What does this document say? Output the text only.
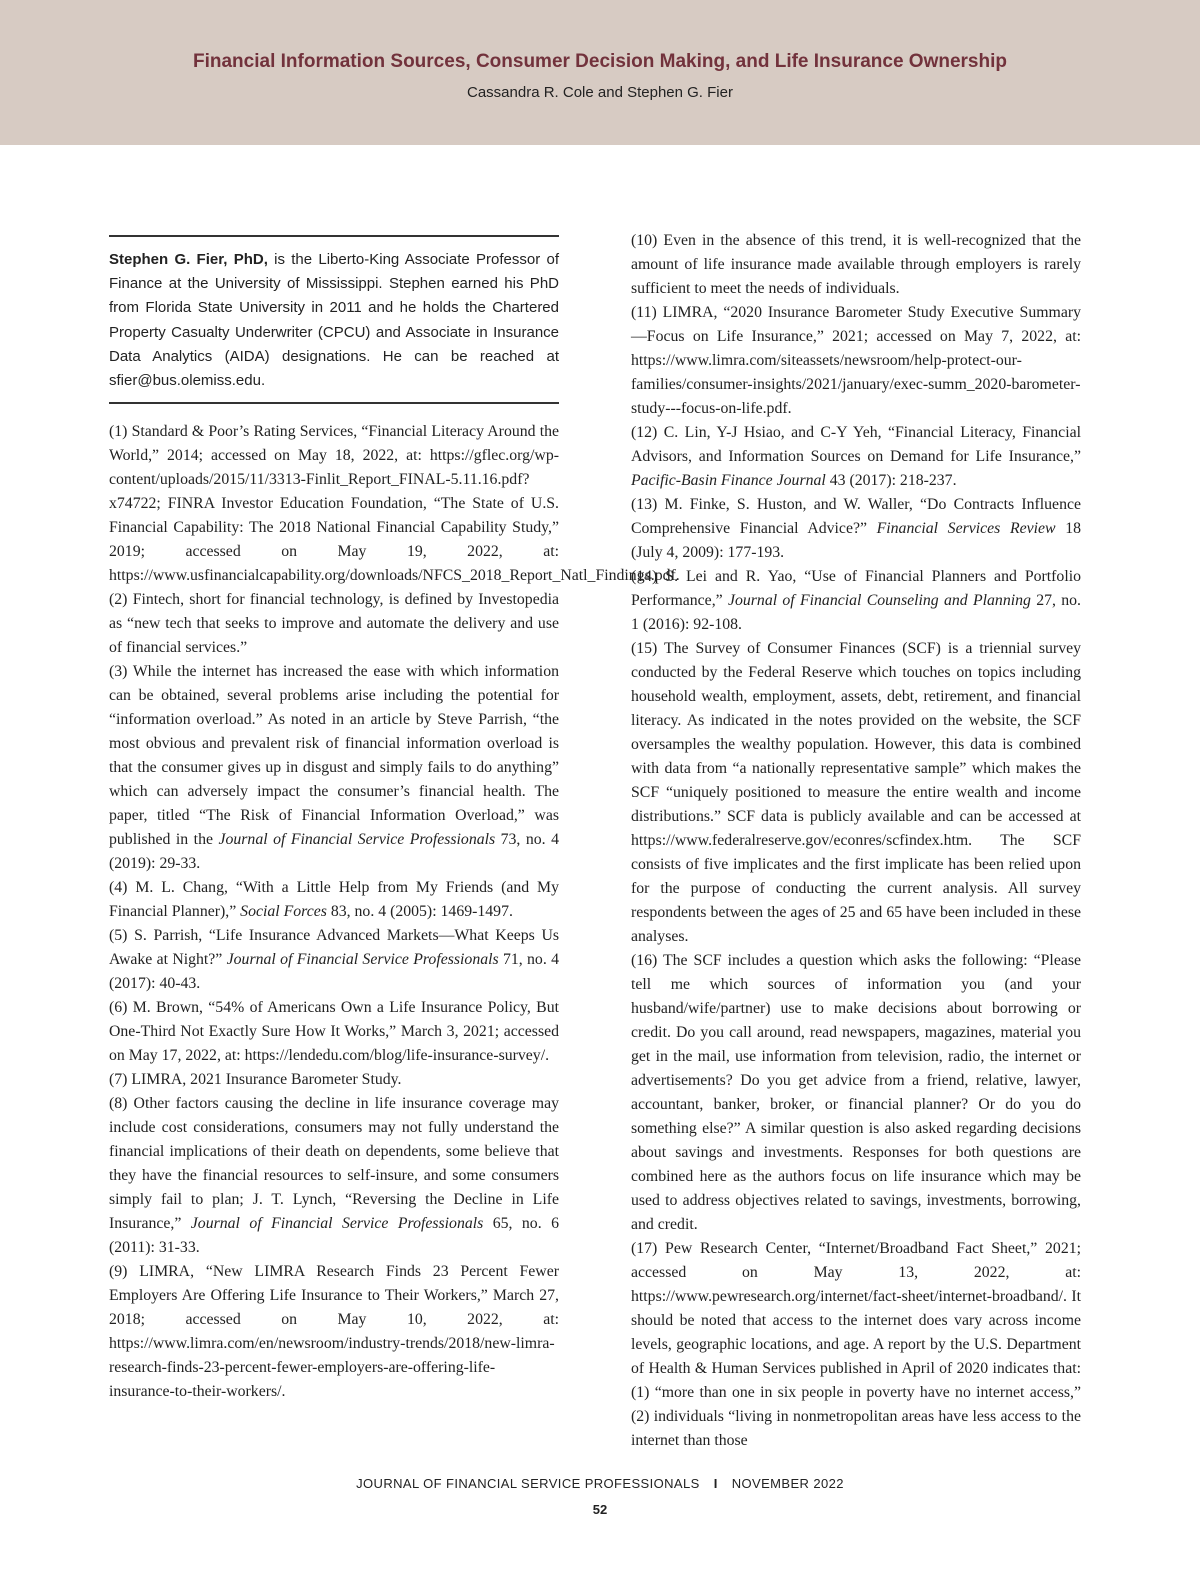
Financial Information Sources, Consumer Decision Making, and Life Insurance Ownership
Cassandra R. Cole and Stephen G. Fier
Stephen G. Fier, PhD, is the Liberto-King Associate Professor of Finance at the University of Mississippi. Stephen earned his PhD from Florida State University in 2011 and he holds the Chartered Property Casualty Underwriter (CPCU) and Associate in Insurance Data Analytics (AIDA) designations. He can be reached at sfier@bus.olemiss.edu.

(1) Standard & Poor’s Rating Services, “Financial Literacy Around the World,” 2014; accessed on May 18, 2022, at: https://gflec.org/wp-content/uploads/2015/11/3313-Finlit_Report_FINAL-5.11.16.pdf?x74722; FINRA Investor Education Foundation, “The State of U.S. Financial Capability: The 2018 National Financial Capability Study,” 2019; accessed on May 19, 2022, at: https://www.usfinancialcapability.org/downloads/NFCS_2018_Report_Natl_Findings.pdf.

(2) Fintech, short for financial technology, is defined by Investopedia as “new tech that seeks to improve and automate the delivery and use of financial services.”

(3) While the internet has increased the ease with which information can be obtained, several problems arise including the potential for “information overload.” As noted in an article by Steve Parrish, “the most obvious and prevalent risk of financial information overload is that the consumer gives up in disgust and simply fails to do anything” which can adversely impact the consumer’s financial health. The paper, titled “The Risk of Financial Information Overload,” was published in the Journal of Financial Service Professionals 73, no. 4 (2019): 29-33.

(4) M. L. Chang, “With a Little Help from My Friends (and My Financial Planner),” Social Forces 83, no. 4 (2005): 1469-1497.

(5) S. Parrish, “Life Insurance Advanced Markets—What Keeps Us Awake at Night?” Journal of Financial Service Professionals 71, no. 4 (2017): 40-43.

(6) M. Brown, “54% of Americans Own a Life Insurance Policy, But One-Third Not Exactly Sure How It Works,” March 3, 2021; accessed on May 17, 2022, at: https://lendedu.com/blog/life-insurance-survey/.

(7) LIMRA, 2021 Insurance Barometer Study.

(8) Other factors causing the decline in life insurance coverage may include cost considerations, consumers may not fully understand the financial implications of their death on dependents, some believe that they have the financial resources to self-insure, and some consumers simply fail to plan; J. T. Lynch, “Reversing the Decline in Life Insurance,” Journal of Financial Service Professionals 65, no. 6 (2011): 31-33.

(9) LIMRA, “New LIMRA Research Finds 23 Percent Fewer Employers Are Offering Life Insurance to Their Workers,” March 27, 2018; accessed on May 10, 2022, at: https://www.limra.com/en/newsroom/industry-trends/2018/new-limra-research-finds-23-percent-fewer-employers-are-offering-life-insurance-to-their-workers/.

(10) Even in the absence of this trend, it is well-recognized that the amount of life insurance made available through employers is rarely sufficient to meet the needs of individuals.

(11) LIMRA, “2020 Insurance Barometer Study Executive Summary—Focus on Life Insurance,” 2021; accessed on May 7, 2022, at: https://www.limra.com/siteassets/newsroom/help-protect-our-families/consumer-insights/2021/january/exec-summ_2020-barometer-study---focus-on-life.pdf.

(12) C. Lin, Y-J Hsiao, and C-Y Yeh, “Financial Literacy, Financial Advisors, and Information Sources on Demand for Life Insurance,” Pacific-Basin Finance Journal 43 (2017): 218-237.

(13) M. Finke, S. Huston, and W. Waller, “Do Contracts Influence Comprehensive Financial Advice?” Financial Services Review 18 (July 4, 2009): 177-193.

(14) S. Lei and R. Yao, “Use of Financial Planners and Portfolio Performance,” Journal of Financial Counseling and Planning 27, no. 1 (2016): 92-108.

(15) The Survey of Consumer Finances (SCF) is a triennial survey conducted by the Federal Reserve which touches on topics including household wealth, employment, assets, debt, retirement, and financial literacy. As indicated in the notes provided on the website, the SCF oversamples the wealthy population. However, this data is combined with data from “a nationally representative sample” which makes the SCF “uniquely positioned to measure the entire wealth and income distributions.” SCF data is publicly available and can be accessed at https://www.federalreserve.gov/econres/scfindex.htm. The SCF consists of five implicates and the first implicate has been relied upon for the purpose of conducting the current analysis. All survey respondents between the ages of 25 and 65 have been included in these analyses.

(16) The SCF includes a question which asks the following: “Please tell me which sources of information you (and your husband/wife/partner) use to make decisions about borrowing or credit. Do you call around, read newspapers, magazines, material you get in the mail, use information from television, radio, the internet or advertisements? Do you get advice from a friend, relative, lawyer, accountant, banker, broker, or financial planner? Or do you do something else?” A similar question is also asked regarding decisions about savings and investments. Responses for both questions are combined here as the authors focus on life insurance which may be used to address objectives related to savings, investments, borrowing, and credit.

(17) Pew Research Center, “Internet/Broadband Fact Sheet,” 2021; accessed on May 13, 2022, at: https://www.pewresearch.org/internet/fact-sheet/internet-broadband/. It should be noted that access to the internet does vary across income levels, geographic locations, and age. A report by the U.S. Department of Health & Human Services published in April of 2020 indicates that: (1) “more than one in six people in poverty have no internet access,” (2) individuals “living in nonmetropolitan areas have less access to the internet than those

JOURNAL OF FINANCIAL SERVICE PROFESSIONALS I NOVEMBER 2022
52
